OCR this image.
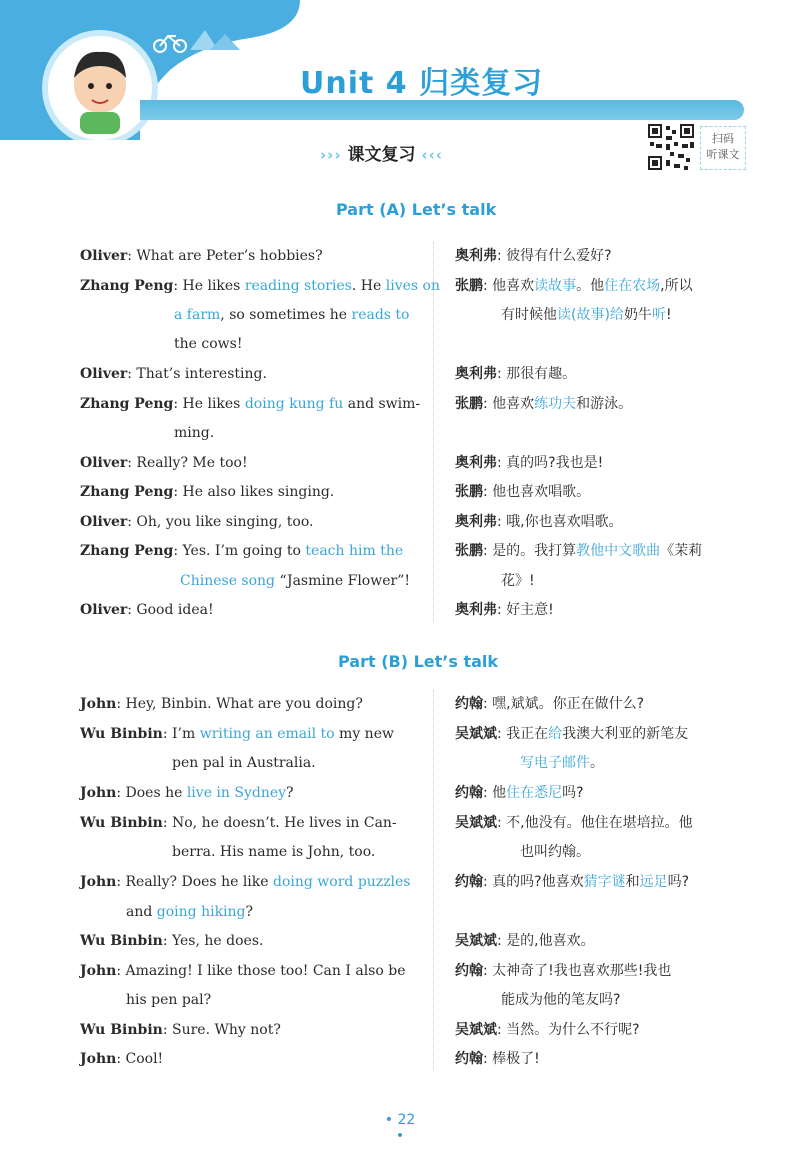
Unit 4 归类复习
››› 课文复习 ‹‹‹
扫码
听课文
Part (A) Let’s talk
Oliver: What are Peter’s hobbies?
Zhang Peng: He likes reading stories. He lives on
a farm, so sometimes he reads to
the cows!
Oliver: That’s interesting.
Zhang Peng: He likes doing kung fu and swim-
ming.
Oliver: Really? Me too!
Zhang Peng: He also likes singing.
Oliver: Oh, you like singing, too.
Zhang Peng: Yes. I’m going to teach him the
Chinese song “Jasmine Flower”!
Oliver: Good idea!
奥利弗: 彼得有什么爱好?
张鹏: 他喜欢读故事。他住在农场,所以
有时候他读(故事)给奶牛听!
奥利弗: 那很有趣。
张鹏: 他喜欢练功夫和游泳。
奥利弗: 真的吗?我也是!
张鹏: 他也喜欢唱歌。
奥利弗: 哦,你也喜欢唱歌。
张鹏: 是的。我打算教他中文歌曲《茉莉
花》!
奥利弗: 好主意!
Part (B) Let’s talk
John: Hey, Binbin. What are you doing?
Wu Binbin: I’m writing an email to my new
pen pal in Australia.
John: Does he live in Sydney?
Wu Binbin: No, he doesn’t. He lives in Can-
berra. His name is John, too.
John: Really? Does he like doing word puzzles
and going hiking?
Wu Binbin: Yes, he does.
John: Amazing! I like those too! Can I also be
his pen pal?
Wu Binbin: Sure. Why not?
John: Cool!
约翰: 嘿,斌斌。你正在做什么?
吴斌斌: 我正在给我澳大利亚的新笔友
写电子邮件。
约翰: 他住在悉尼吗?
吴斌斌: 不,他没有。他住在堪培拉。他
也叫约翰。
约翰: 真的吗?他喜欢猜字谜和远足吗?
吴斌斌: 是的,他喜欢。
约翰: 太神奇了!我也喜欢那些!我也
能成为他的笔友吗?
吴斌斌: 当然。为什么不行呢?
约翰: 棒极了!
• 22 •
